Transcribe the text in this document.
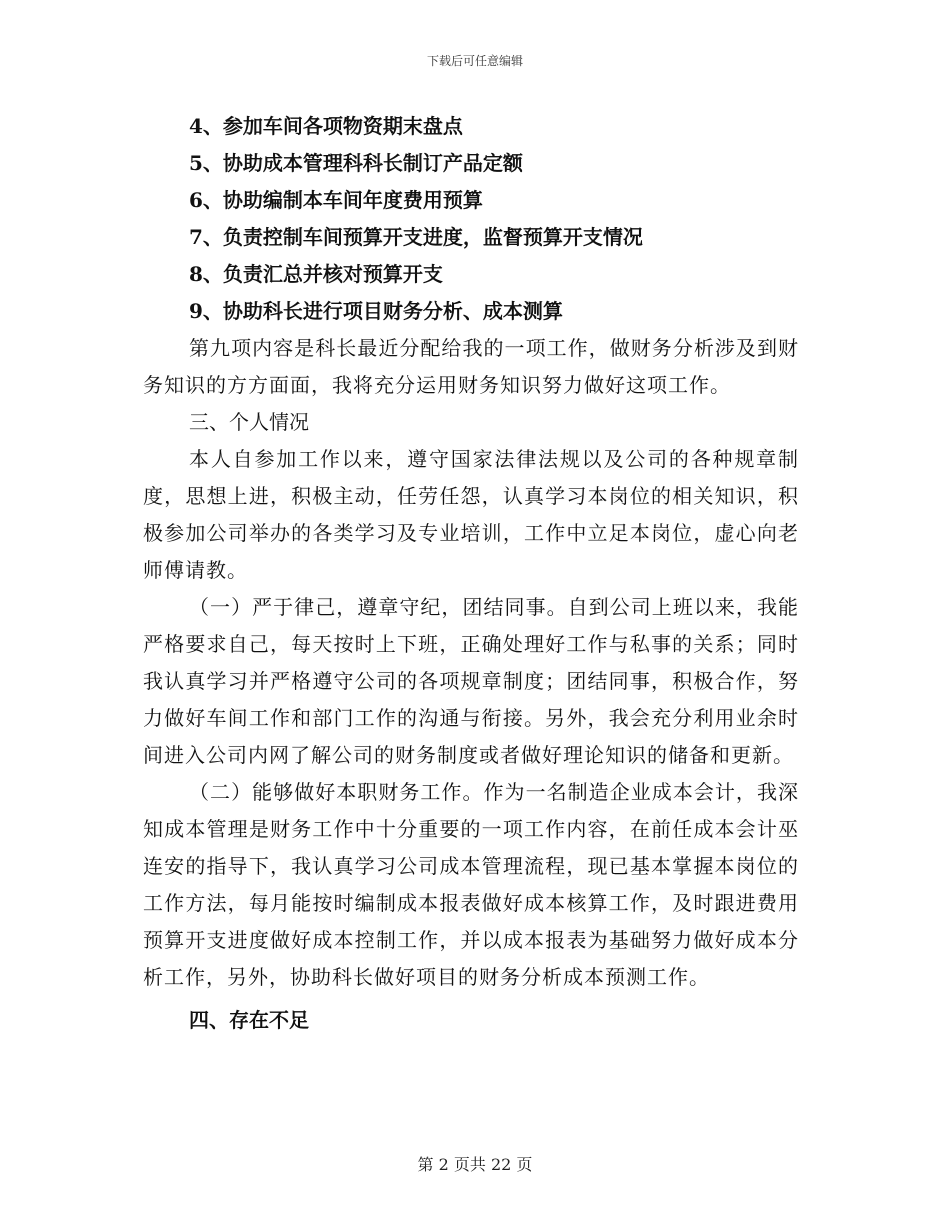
下载后可任意编辑
4、参加车间各项物资期末盘点
5、协助成本管理科科长制订产品定额
6、协助编制本车间年度费用预算
7、负责控制车间预算开支进度，监督预算开支情况
8、负责汇总并核对预算开支
9、协助科长进行项目财务分析、成本测算

第九项内容是科长最近分配给我的一项工作，做财务分析涉及到财务知识的方方面面，我将充分运用财务知识努力做好这项工作。

三、个人情况

本人自参加工作以来，遵守国家法律法规以及公司的各种规章制度，思想上进，积极主动，任劳任怨，认真学习本岗位的相关知识，积极参加公司举办的各类学习及专业培训，工作中立足本岗位，虚心向老师傅请教。

（一）严于律己，遵章守纪，团结同事。自到公司上班以来，我能严格要求自己，每天按时上下班，正确处理好工作与私事的关系；同时我认真学习并严格遵守公司的各项规章制度；团结同事，积极合作，努力做好车间工作和部门工作的沟通与衔接。另外，我会充分利用业余时间进入公司内网了解公司的财务制度或者做好理论知识的储备和更新。

（二）能够做好本职财务工作。作为一名制造企业成本会计，我深知成本管理是财务工作中十分重要的一项工作内容，在前任成本会计巫连安的指导下，我认真学习公司成本管理流程，现已基本掌握本岗位的工作方法，每月能按时编制成本报表做好成本核算工作，及时跟进费用预算开支进度做好成本控制工作，并以成本报表为基础努力做好成本分析工作，另外，协助科长做好项目的财务分析成本预测工作。

四、存在不足
第 2 页共 22 页
